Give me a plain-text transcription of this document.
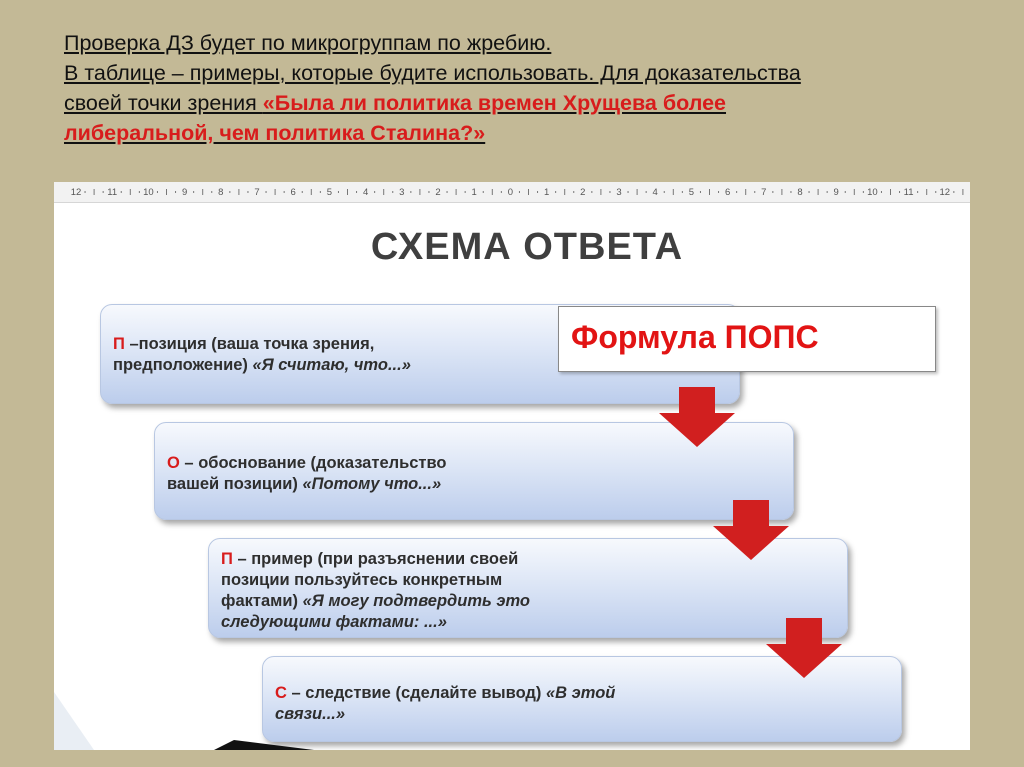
Проверка ДЗ будет по микрогруппам по жребию.
В таблице – примеры, которые будите использовать. Для доказательства
своей точки зрения «Была ли политика времен Хрущева более
либеральной, чем политика Сталина?»
12	11	10	9	8	7	6	5	4	3	2	1	0	1	2	3	4	5	6	7	8	9	10	11	12
СХЕМА ОТВЕТА
П –позиция (ваша точка зрения,
предположение) «Я считаю, что...»
Формула ПОПС
О – обоснование (доказательство
вашей позиции) «Потому что...»
П – пример (при разъяснении своей
позиции пользуйтесь конкретным
фактами) «Я могу подтвердить это
следующими фактами: ...»
С – следствие (сделайте вывод) «В этой
связи...»
